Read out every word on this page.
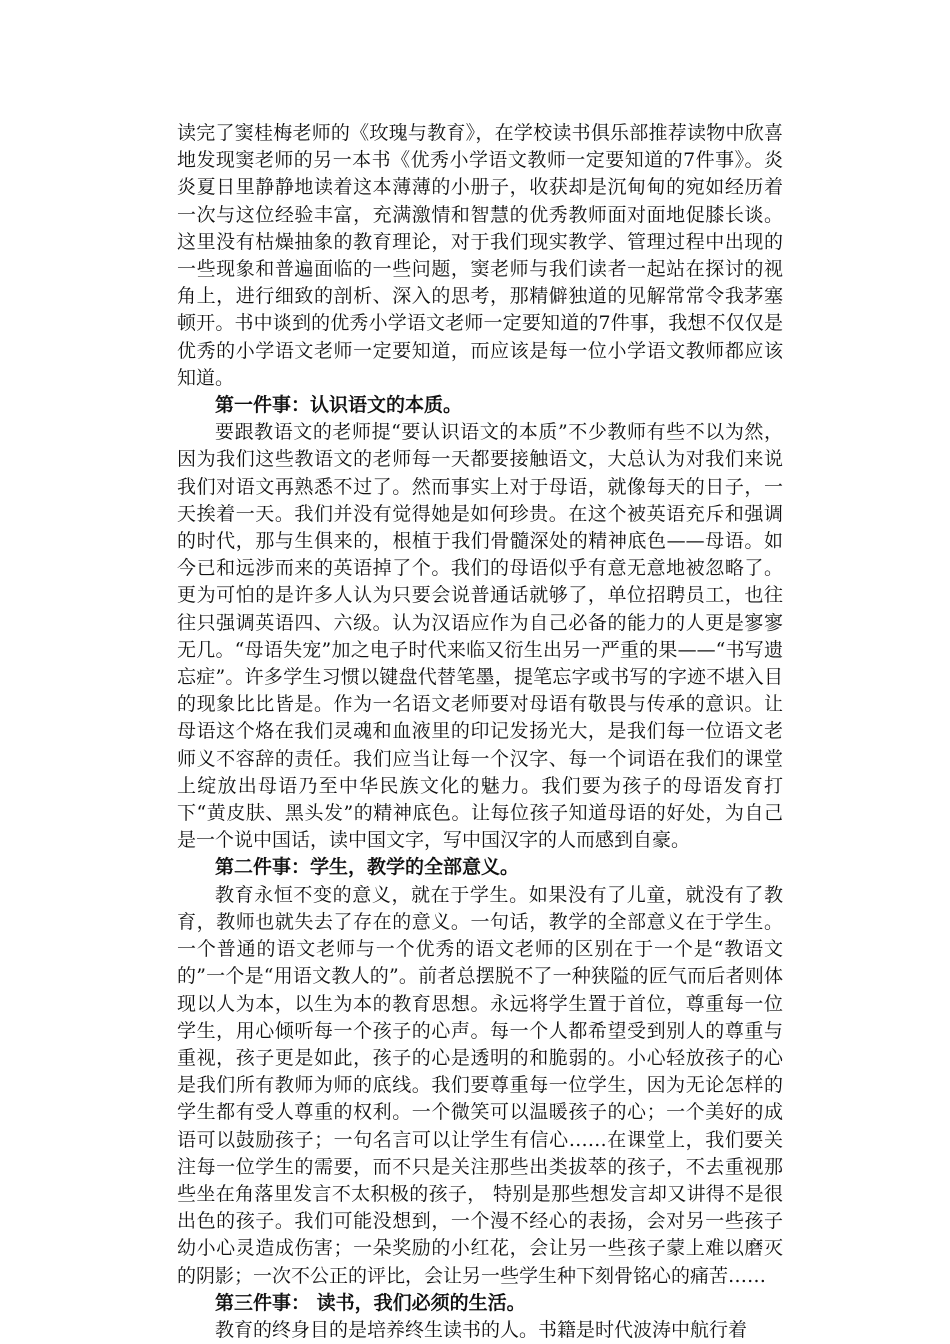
读完了窦桂梅老师的《玫瑰与教育》，在学校读书俱乐部推荐读物中欣喜地发现窦老师的另一本书《优秀小学语文教师一定要知道的7件事》。炎炎夏日里静静地读着这本薄薄的小册子，收获却是沉甸甸的宛如经历着一次与这位经验丰富，充满激情和智慧的优秀教师面对面地促膝长谈。这里没有枯燥抽象的教育理论，对于我们现实教学、管理过程中出现的一些现象和普遍面临的一些问题，窦老师与我们读者一起站在探讨的视角上，进行细致的剖析、深入的思考，那精僻独道的见解常常令我茅塞顿开。书中谈到的优秀小学语文老师一定要知道的7件事，我想不仅仅是优秀的小学语文老师一定要知道，而应该是每一位小学语文教师都应该知道。

第一件事：认识语文的本质。

要跟教语文的老师提“要认识语文的本质”不少教师有些不以为然，因为我们这些教语文的老师每一天都要接触语文，大总认为对我们来说我们对语文再熟悉不过了。然而事实上对于母语，就像每天的日子，一天挨着一天。我们并没有觉得她是如何珍贵。在这个被英语充斥和强调的时代，那与生俱来的，根植于我们骨髓深处的精神底色——母语。如今已和远涉而来的英语掉了个。我们的母语似乎有意无意地被忽略了。更为可怕的是许多人认为只要会说普通话就够了，单位招聘员工，也往往只强调英语四、六级。认为汉语应作为自己必备的能力的人更是寥寥无几。“母语失宠”加之电子时代来临又衍生出另一严重的果——“书写遗忘症”。许多学生习惯以键盘代替笔墨，提笔忘字或书写的字迹不堪入目的现象比比皆是。作为一名语文老师要对母语有敬畏与传承的意识。让母语这个烙在我们灵魂和血液里的印记发扬光大，是我们每一位语文老师义不容辞的责任。我们应当让每一个汉字、每一个词语在我们的课堂上绽放出母语乃至中华民族文化的魅力。我们要为孩子的母语发育打下“黄皮肤、黑头发”的精神底色。让每位孩子知道母语的好处，为自己是一个说中国话，读中国文字，写中国汉字的人而感到自豪。

第二件事：学生，教学的全部意义。

教育永恒不变的意义，就在于学生。如果没有了儿童，就没有了教育，教师也就失去了存在的意义。一句话，教学的全部意义在于学生。一个普通的语文老师与一个优秀的语文老师的区别在于一个是“教语文的”一个是“用语文教人的”。前者总摆脱不了一种狭隘的匠气而后者则体现以人为本，以生为本的教育思想。永远将学生置于首位，尊重每一位学生，用心倾听每一个孩子的心声。每一个人都希望受到别人的尊重与重视，孩子更是如此，孩子的心是透明的和脆弱的。小心轻放孩子的心是我们所有教师为师的底线。我们要尊重每一位学生，因为无论怎样的学生都有受人尊重的权利。一个微笑可以温暖孩子的心；一个美好的成语可以鼓励孩子；一句名言可以让学生有信心……在课堂上，我们要关注每一位学生的需要，而不只是关注那些出类拔萃的孩子，不去重视那些坐在角落里发言不太积极的孩子， 特别是那些想发言却又讲得不是很出色的孩子。我们可能没想到，一个漫不经心的表扬，会对另一些孩子幼小心灵造成伤害；一朵奖励的小红花，会让另一些孩子蒙上难以磨灭的阴影；一次不公正的评比，会让另一些学生种下刻骨铭心的痛苦……

第三件事： 读书，我们必须的生活。

教育的终身目的是培养终生读书的人。书籍是时代波涛中航行着
